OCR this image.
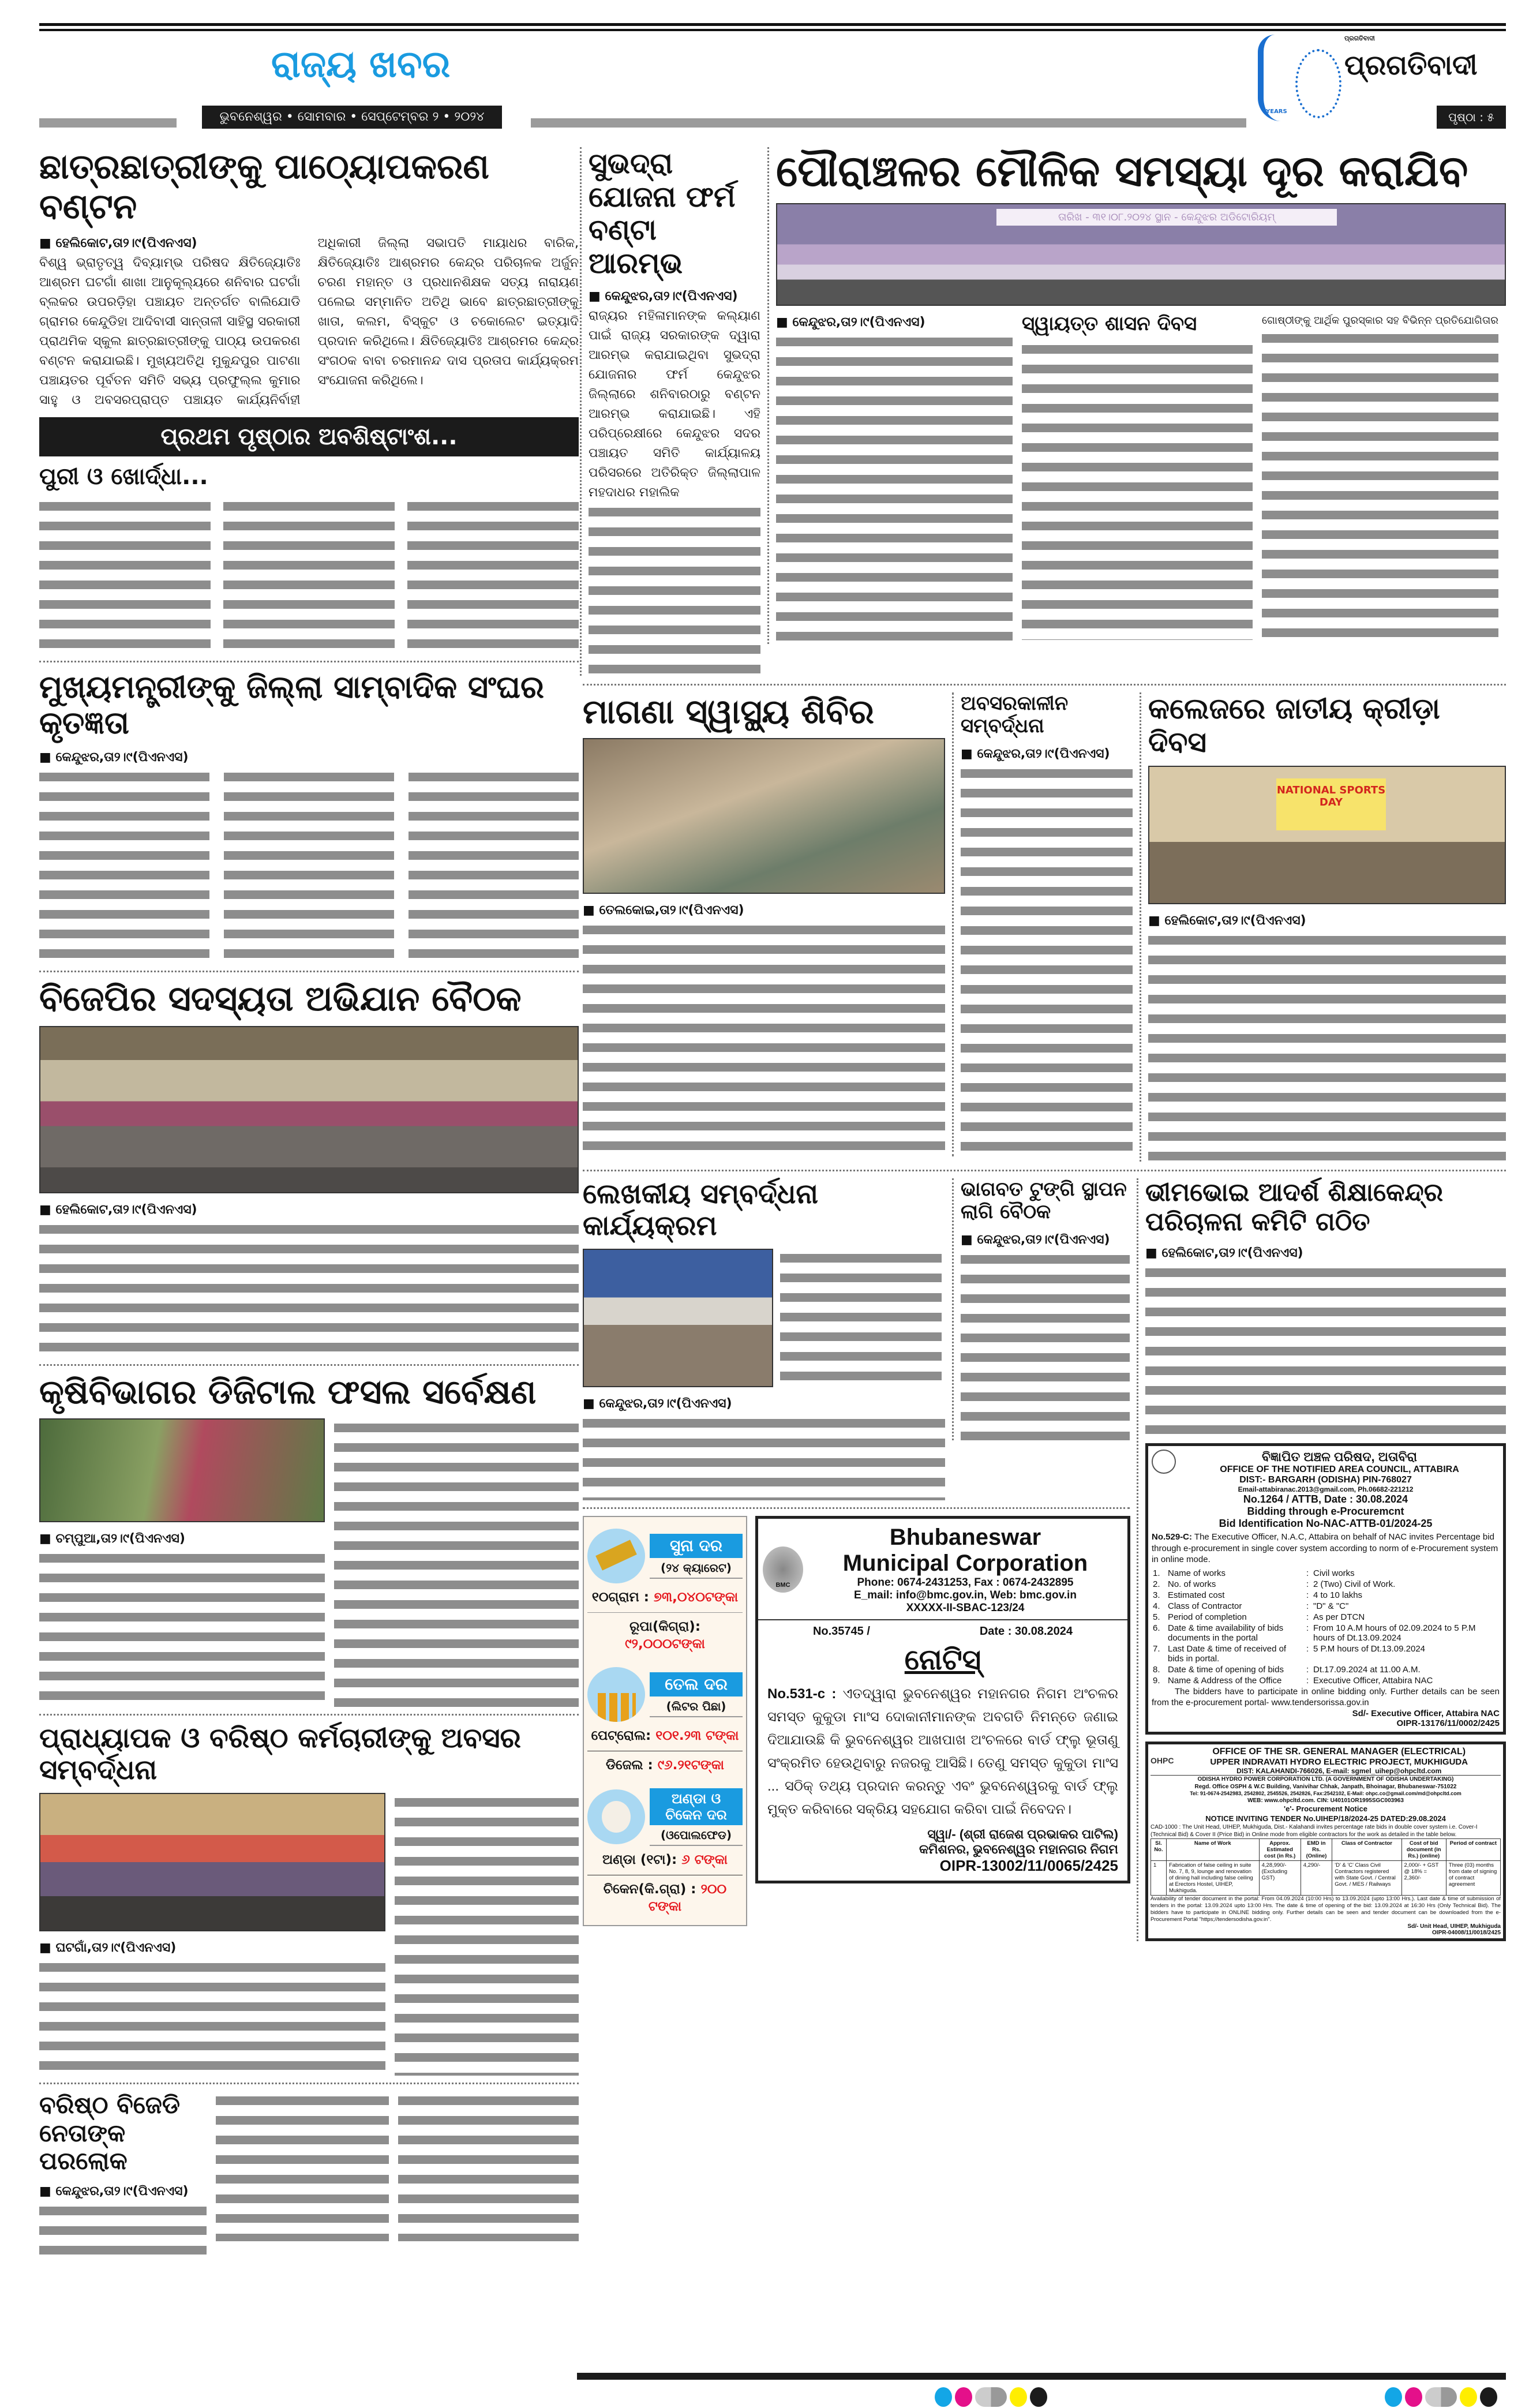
ରାଜ୍ୟ ଖବର
ଭୁବନେଶ୍ୱର • ସୋମବାର • ସେପ୍ଟେମ୍ବର ୨ • ୨୦୨୪	YEARS
ପ୍ରଗତିବାଦୀ
ପ୍ରଗତିବାଦୀ
ପୃଷ୍ଠା : ୫
ଛାତ୍ରଛାତ୍ରୀଙ୍କୁ ପାଠ୍ୟୋପକରଣ ବଣ୍ଟନ
■ ହେଲିକୋଟ,ତା୨।୯(ପିଏନଏସ)
ବିଶ୍ୱ ଭ୍ରାତୃତ୍ୱ ଦିବ୍ୟାମ୍ଭ ପରିଷଦ କ୍ଷିତିଜ୍ୟୋତିଃ ଆଶ୍ରମ ଘଟଗାଁ ଶାଖା ଆନୁକୂଲ୍ୟରେ ଶନିବାର ଘଟଗାଁ ବ୍ଲକର ଉପରଡ଼ିହା ପଞ୍ଚାୟତ ଅନ୍ତର୍ଗତ ବାଲିଯୋଡି ଗ୍ରାମର କେନ୍ଦୁଡିହା ଆଦିବାସୀ ସାନ୍ତାଳୀ ସାହିସ୍ଥ ସରକାରୀ ପ୍ରାଥମିକ ସ୍କୁଲ ଛାତ୍ରଛାତ୍ରୀଙ୍କୁ ପାଠ୍ୟ ଉପକରଣ ବଣ୍ଟନ କରାଯାଇଛି। ମୁଖ୍ୟଅତିଥି ମୁକୁନ୍ଦପୁର ପାଟଣା ପଞ୍ଚାୟତର ପୂର୍ବତନ ସମିତି ସଭ୍ୟ ପ୍ରଫୁଲ୍ଲ କୁମାର ସାହୁ ଓ ଅବସରପ୍ରାପ୍ତ ପଞ୍ଚାୟତ କାର୍ଯ୍ୟନିର୍ବାହୀ ଅଧିକାରୀ ଜିଲ୍ଲା ସଭାପତି ମାୟାଧର ବାରିକ, କ୍ଷିତିଜ୍ୟୋତିଃ ଆଶ୍ରମର କେନ୍ଦ୍ର ପରିଚାଳକ ଅର୍ଜୁନ ଚରଣ ମହାନ୍ତ ଓ ପ୍ରଧାନଶିକ୍ଷକ ସତ୍ୟ ନାରାୟଣ ପଲେଇ ସମ୍ମାନିତ ଅତିଥି ଭାବେ ଛାତ୍ରଛାତ୍ରୀଙ୍କୁ ଖାତା, କଲମ, ବିସ୍କୁଟ ଓ ଚକୋଲେଟ ଇତ୍ୟାଦି ପ୍ରଦାନ କରିଥିଲେ। କ୍ଷିତିଜ୍ୟୋତିଃ ଆଶ୍ରମର କେନ୍ଦ୍ର ସଂଗଠକ ବାବା ଚରମାନନ୍ଦ ଦାସ ପ୍ରତାପ କାର୍ଯ୍ୟକ୍ରମ ସଂଯୋଜନା କରିଥିଲେ।
ପ୍ରଥମ ପୃଷ୍ଠାର ଅବଶିଷ୍ଟାଂଶ...
ପୁରୀ ଓ ଖୋର୍ଦ୍ଧା...
ମୁଖ୍ୟମନ୍ତ୍ରୀଙ୍କୁ ଜିଲ୍ଲା ସାମ୍ବାଦିକ ସଂଘର କୃତଜ୍ଞତା
■ କେନ୍ଦୁଝର,ତା୨।୯(ପିଏନଏସ)
ବିଜେପିର ସଦସ୍ୟତା ଅଭିଯାନ ବୈଠକ
■ ହେଲିକୋଟ,ତା୨।୯(ପିଏନଏସ)
କୃଷିବିଭାଗର ଡିଜିଟାଲ ଫସଲ ସର୍ବେକ୍ଷଣ
■ ଚମ୍ପୁଆ,ତା୨।୯(ପିଏନଏସ)
ପ୍ରାଧ୍ୟାପକ ଓ ବରିଷ୍ଠ କର୍ମଚାରୀଙ୍କୁ ଅବସର ସମ୍ବର୍ଦ୍ଧନା
■ ଘଟଗାଁ,ତା୨।୯(ପିଏନଏସ)
ବରିଷ୍ଠ ବିଜେଡି ନେତାଙ୍କ ପରଲୋକ
■ କେନ୍ଦୁଝର,ତା୨।୯(ପିଏନଏସ)
ସୁଭଦ୍ରା ଯୋଜନା ଫର୍ମ ବଣ୍ଟା ଆରମ୍ଭ
■ କେନ୍ଦୁଝର,ତା୨।୯(ପିଏନଏସ)
ରାଜ୍ୟର ମହିଳାମାନଙ୍କ କଲ୍ୟାଣ ପାଇଁ ରାଜ୍ୟ ସରକାରଙ୍କ ଦ୍ୱାରା ଆରମ୍ଭ କରାଯାଇଥିବା ସୁଭଦ୍ରା ଯୋଜନାର ଫର୍ମ କେନ୍ଦୁଝର ଜିଲ୍ଲାରେ ଶନିବାରଠାରୁ ବଣ୍ଟନ ଆରମ୍ଭ କରାଯାଇଛି। ଏହି ପରିପ୍ରେକ୍ଷୀରେ କେନ୍ଦୁଝର ସଦର ପଞ୍ଚାୟତ ସମିତି କାର୍ଯ୍ୟାଳୟ ପରିସରରେ ଅତିରିକ୍ତ ଜିଲ୍ଲାପାଳ ମହଦାଧର ମହାଲିକ
ପୌରାଞ୍ଚଳର ମୌଳିକ ସମସ୍ୟା ଦୂର କରାଯିବ
ତାରିଖ - ୩୧।୦୮.୨୦୨୪ ସ୍ଥାନ - କେନ୍ଦୁଝର ଅଡିଟୋରିୟମ୍
■ କେନ୍ଦୁଝର,ତା୨।୯(ପିଏନଏସ)	ସ୍ୱାୟତ୍ତ ଶାସନ ଦିବସ	ଗୋଷ୍ଠୀଙ୍କୁ ଆର୍ଥିକ ପୁରସ୍କାର ସହ ବିଭିନ୍ନ ପ୍ରତିଯୋଗିତାର
ମାଗଣା ସ୍ୱାସ୍ଥ୍ୟ ଶିବିର
■ ତେଲକୋଇ,ତା୨।୯(ପିଏନଏସ)
ଅବସରକାଳୀନ ସମ୍ବର୍ଦ୍ଧନା
■ କେନ୍ଦୁଝର,ତା୨।୯(ପିଏନଏସ)
କଲେଜରେ ଜାତୀୟ କ୍ରୀଡ଼ା ଦିବସ
NATIONAL SPORTS DAY
■ ହେଲିକୋଟ,ତା୨।୯(ପିଏନଏସ)
ଲେଖକୀୟ ସମ୍ବର୍ଦ୍ଧନା କାର୍ଯ୍ୟକ୍ରମ
■ କେନ୍ଦୁଝର,ତା୨।୯(ପିଏନଏସ)
ଭାଗବତ ଟୁଙ୍ଗି ସ୍ଥାପନ ଲାଗି ବୈଠକ
■ କେନ୍ଦୁଝର,ତା୨।୯(ପିଏନଏସ)
ସୁନା ଦର
(୨୪ କ୍ୟାରେଟ)
୧୦ଗ୍ରାମ : ୭୩,୦୪୦ଟଙ୍କା
ରୂପା(କିଗ୍ରା): ୯୨,୦୦୦ଟଙ୍କା
ତେଲ ଦର
(ଲିଟର ପିଛା)
ପେଟ୍ରୋଲ: ୧୦୧.୨୩ ଟଙ୍କା
ଡିଜେଲ : ୯୬.୨୧ଟଙ୍କା
ଅଣ୍ଡା ଓ ଚିକେନ ଦର
(ଓପୋଲଫେଡ)
ଅଣ୍ଡା (୧ଟା): ୬ ଟଙ୍କା
ଚିକେନ(କି.ଗ୍ରା) : ୨୦୦ ଟଙ୍କା
BMC
Bhubaneswar
Municipal Corporation
Phone: 0674-2431253, Fax : 0674-2432895
E_mail: info@bmc.gov.in, Web: bmc.gov.in
XXXXX-II-SBAC-123/24
No.35745 /	Date : 30.08.2024
ନୋଟିସ୍
No.531-c : ଏତଦ୍ୱାରା ଭୁବନେଶ୍ୱର ମହାନଗର ନିଗମ ଅଂଚଳର ସମସ୍ତ କୁକୁଡା ମାଂସ ଦୋକାନୀମାନଙ୍କ ଅବଗତି ନିମନ୍ତେ ଜଣାଇ ଦିଆଯାଉଛି କି ଭୁବନେଶ୍ୱର ଆଖପାଖ ଅଂଚଳରେ ବାର୍ଡ ଫ୍ଲୁ ଭୂତାଣୁ ସଂକ୍ରମିତ ହେଉଥିବାରୁ ନଜରକୁ ଆସିଛି। ତେଣୁ ସମସ୍ତ କୁକୁଡା ମାଂସ ... ସଠିକ୍ ତଥ୍ୟ ପ୍ରଦାନ କରନ୍ତୁ ଏବଂ ଭୁବନେଶ୍ୱରକୁ ବାର୍ଡ ଫ୍ଲୁ ମୁକ୍ତ କରିବାରେ ସକ୍ରିୟ ସହଯୋଗ କରିବା ପାଇଁ ନିବେଦନ।
ସ୍ୱା/- (ଶ୍ରୀ ରାଜେଶ ପ୍ରଭାକର ପାଟିଲ)
କମିଶନର, ଭୁବନେଶ୍ୱର ମହାନଗର ନିଗମ
OIPR-13002/11/0065/2425
ଭୀମଭୋଇ ଆଦର୍ଶ ଶିକ୍ଷାକେନ୍ଦ୍ର ପରିଚାଳନା କମିଟି ଗଠିତ
■ ହେଲିକୋଟ,ତା୨।୯(ପିଏନଏସ)
ବିଜ୍ଞାପିତ ଅଞ୍ଚଳ ପରିଷଦ, ଅତାବିରା
OFFICE OF THE NOTIFIED AREA COUNCIL, ATTABIRA
DIST:- BARGARH (ODISHA) PIN-768027
Email-attabiranac.2013@gmail.com, Ph.06682-221212
No.1264 / ATTB, Date : 30.08.2024
Bidding through e-Procuremcnt
Bid Identification No-NAC-ATTB-01/2024-25
No.529-C: The Executive Officer, N.A.C, Attabira on behalf of NAC invites Percentage bid through e-procurement in single cover system according to norm of e-Procurement system in online mode.
1.	Name of works	:	Civil works
2.	No. of works	:	2 (Two) Civil of Work.
3.	Estimated cost	:	4 to 10 lakhs
4.	Class of Contractor	:	"D" & "C"
5.	Period of completion	:	As per DTCN
6.	Date & time availability of bids documents in the portal	:	From 10 A.M hours of 02.09.2024 to 5 P.M hours of Dt.13.09.2024
7.	Last Date & time of received of bids in portal.	:	5 P.M hours of Dt.13.09.2024
8.	Date & time of opening of bids	:	Dt.17.09.2024 at 11.00 A.M.
9.	Name & Address of the Office	:	Executive Officer, Attabira NAC
The bidders have to participate in online bidding only. Further details can be seen from the e-procurement portal- www.tendersorissa.gov.in
Sd/- Executive Officer, Attabira NAC
OIPR-13176/11/0002/2425
OHPC
OFFICE OF THE SR. GENERAL MANAGER (ELECTRICAL)
UPPER INDRAVATI HYDRO ELECTRIC PROJECT, MUKHIGUDA
DIST: KALAHANDI-766026, E-mail: sgmel_uihep@ohpcltd.com
ODISHA HYDRO POWER CORPORATION LTD. (A GOVERNMENT OF ODISHA UNDERTAKING)
Regd. Office OSPH & W.C Building, Vanivihar Chhak, Janpath, Bhoinagar, Bhubaneswar-751022
Tel: 91-0674-2542983, 2542802, 2545526, 2542826, Fax:2542102, E-Mail: ohpc.co@gmail.com/md@ohpcltd.com
WEB: www.ohpcltd.com. CIN: U40101OR1995SGC003963
'e'- Procurement Notice
NOTICE INVITING TENDER No.UIHEP/18/2024-25 DATED:29.08.2024
CAD-1000 : The Unit Head, UIHEP, Mukhiguda, Dist.- Kalahandi invites percentage rate bids in double cover system i.e. Cover-I (Technical Bid) & Cover II (Price Bid) in Online mode from eligible contractors for the work as detailed in the table below.
Sl. No.	Name of Work	Approx. Estimated cost (in Rs.)	EMD in Rs. (Online)	Class of Contractor	Cost of bid document (in Rs.) (online)	Period of contract
1	Fabrication of false ceiling in suite No. 7, 8, 9, lounge and renovation of dining hall including false ceiling at Erectors Hostel, UIHEP, Mukhiguda.	4,28,990/- (Excluding GST)	4,290/-	'D' & 'C' Class Civil Contractors registered with State Govt. / Central Govt. / MES / Railways	2,000/- + GST @ 18% = 2,360/-	Three (03) months from date of signing of contract agreement
Availability of tender document in the portal: From 04.09.2024 (10:00 Hrs) to 13.09.2024 (upto 13:00 Hrs.). Last date & time of submission of tenders in the portal: 13.09.2024 upto 13:00 Hrs. The date & time of opening of the bid: 13.09.2024 at 16:30 Hrs (Only Technical Bid). The bidders have to participate in ONLINE bidding only. Further details can be seen and tender document can be downloaded from the e-Procurement Portal "https;//tendersodisha.gov.in".
Sd/- Unit Head, UIHEP, Mukhiguda
OIPR-04008/11/0018/2425
